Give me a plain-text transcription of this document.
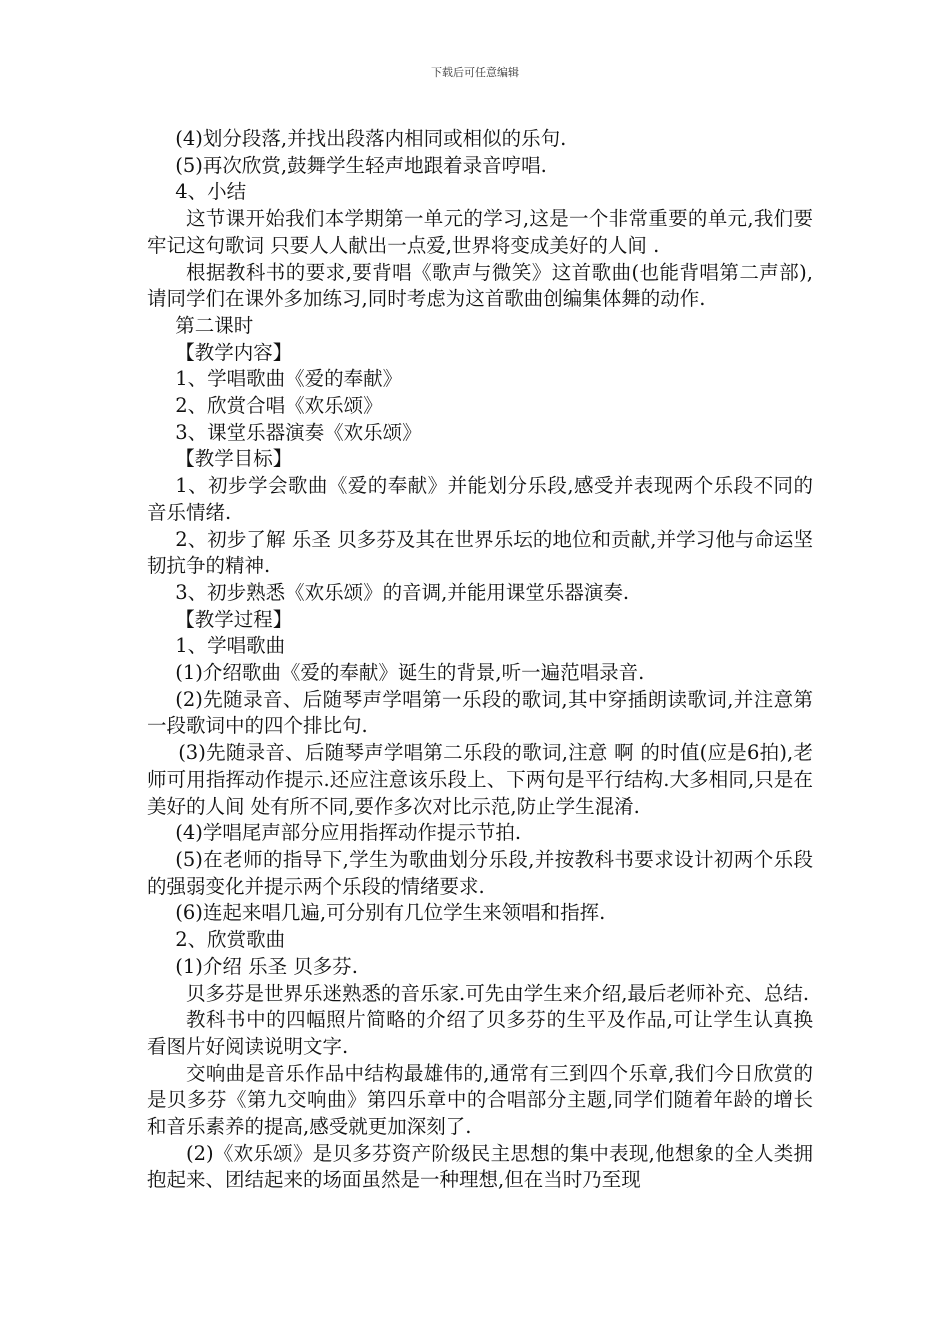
下载后可任意编辑

(4)划分段落,并找出段落内相同或相似的乐句.

(5)再次欣赏,鼓舞学生轻声地跟着录音哼唱.

4、小结

这节课开始我们本学期第一单元的学习,这是一个非常重要的单元,我们要牢记这句歌词 只要人人献出一点爱,世界将变成美好的人间 .

根据教科书的要求,要背唱《歌声与微笑》这首歌曲(也能背唱第二声部),请同学们在课外多加练习,同时考虑为这首歌曲创编集体舞的动作.

第二课时

【教学内容】

1、学唱歌曲《爱的奉献》

2、欣赏合唱《欢乐颂》

3、课堂乐器演奏《欢乐颂》

【教学目标】

1、初步学会歌曲《爱的奉献》并能划分乐段,感受并表现两个乐段不同的音乐情绪.

2、初步了解 乐圣 贝多芬及其在世界乐坛的地位和贡献,并学习他与命运坚韧抗争的精神.

3、初步熟悉《欢乐颂》的音调,并能用课堂乐器演奏.

【教学过程】

1、学唱歌曲

(1)介绍歌曲《爱的奉献》诞生的背景,听一遍范唱录音.

(2)先随录音、后随琴声学唱第一乐段的歌词,其中穿插朗读歌词,并注意第一段歌词中的四个排比句.

(3)先随录音、后随琴声学唱第二乐段的歌词,注意 啊 的时值(应是6拍),老师可用指挥动作提示.还应注意该乐段上、下两句是平行结构.大多相同,只是在 美好的人间 处有所不同,要作多次对比示范,防止学生混淆.

(4)学唱尾声部分应用指挥动作提示节拍.

(5)在老师的指导下,学生为歌曲划分乐段,并按教科书要求设计初两个乐段的强弱变化并提示两个乐段的情绪要求.

(6)连起来唱几遍,可分别有几位学生来领唱和指挥.

2、欣赏歌曲

(1)介绍 乐圣 贝多芬.

贝多芬是世界乐迷熟悉的音乐家.可先由学生来介绍,最后老师补充、总结.

教科书中的四幅照片简略的介绍了贝多芬的生平及作品,可让学生认真换看图片好阅读说明文字.

交响曲是音乐作品中结构最雄伟的,通常有三到四个乐章,我们今日欣赏的是贝多芬《第九交响曲》第四乐章中的合唱部分主题,同学们随着年龄的增长和音乐素养的提高,感受就更加深刻了.

(2)《欢乐颂》是贝多芬资产阶级民主思想的集中表现,他想象的全人类拥抱起来、团结起来的场面虽然是一种理想,但在当时乃至现
